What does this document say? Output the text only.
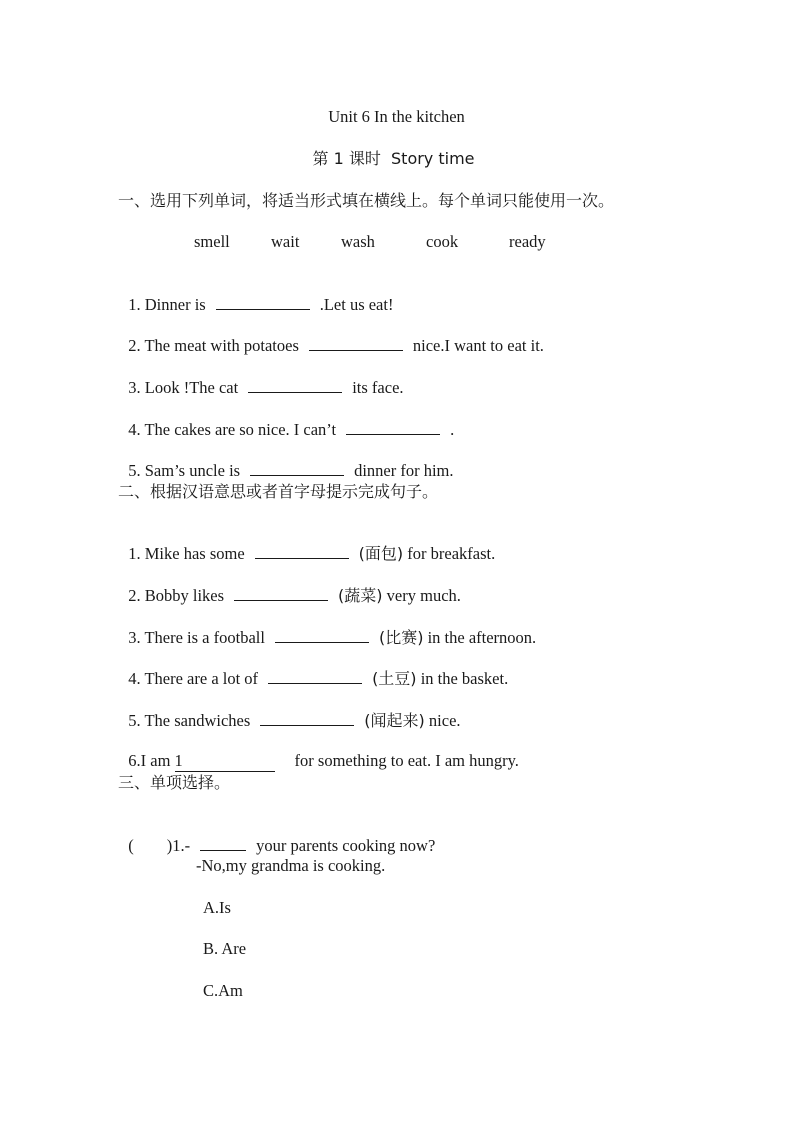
Unit 6 In the kitchen
第 1 课时  Story time
一、选用下列单词，将适当形式填在横线上。每个单词只能使用一次。
smell	wait	wash	cook	ready

1. Dinner is	.Let us eat!

2. The meat with potatoes	nice.I want to eat it.

3. Look !The cat	its face.

4. The cakes are so nice. I can’t	.

5. Sam’s uncle is	dinner for him.

二、根据汉语意思或者首字母提示完成句子。

1. Mike has some	(面包) for breakfast.

2. Bobby likes	(蔬菜) very much.

3. There is a football	(比赛) in the afternoon.

4. There are a lot of	(土豆) in the basket.

5. The sandwiches	(闻起来) nice.

6.I am 1	for something to eat. I am hungry.

三、单项选择。

(        )1.-	your parents cooking now?

-No,my grandma is cooking.
A.Is
B. Are
C.Am
